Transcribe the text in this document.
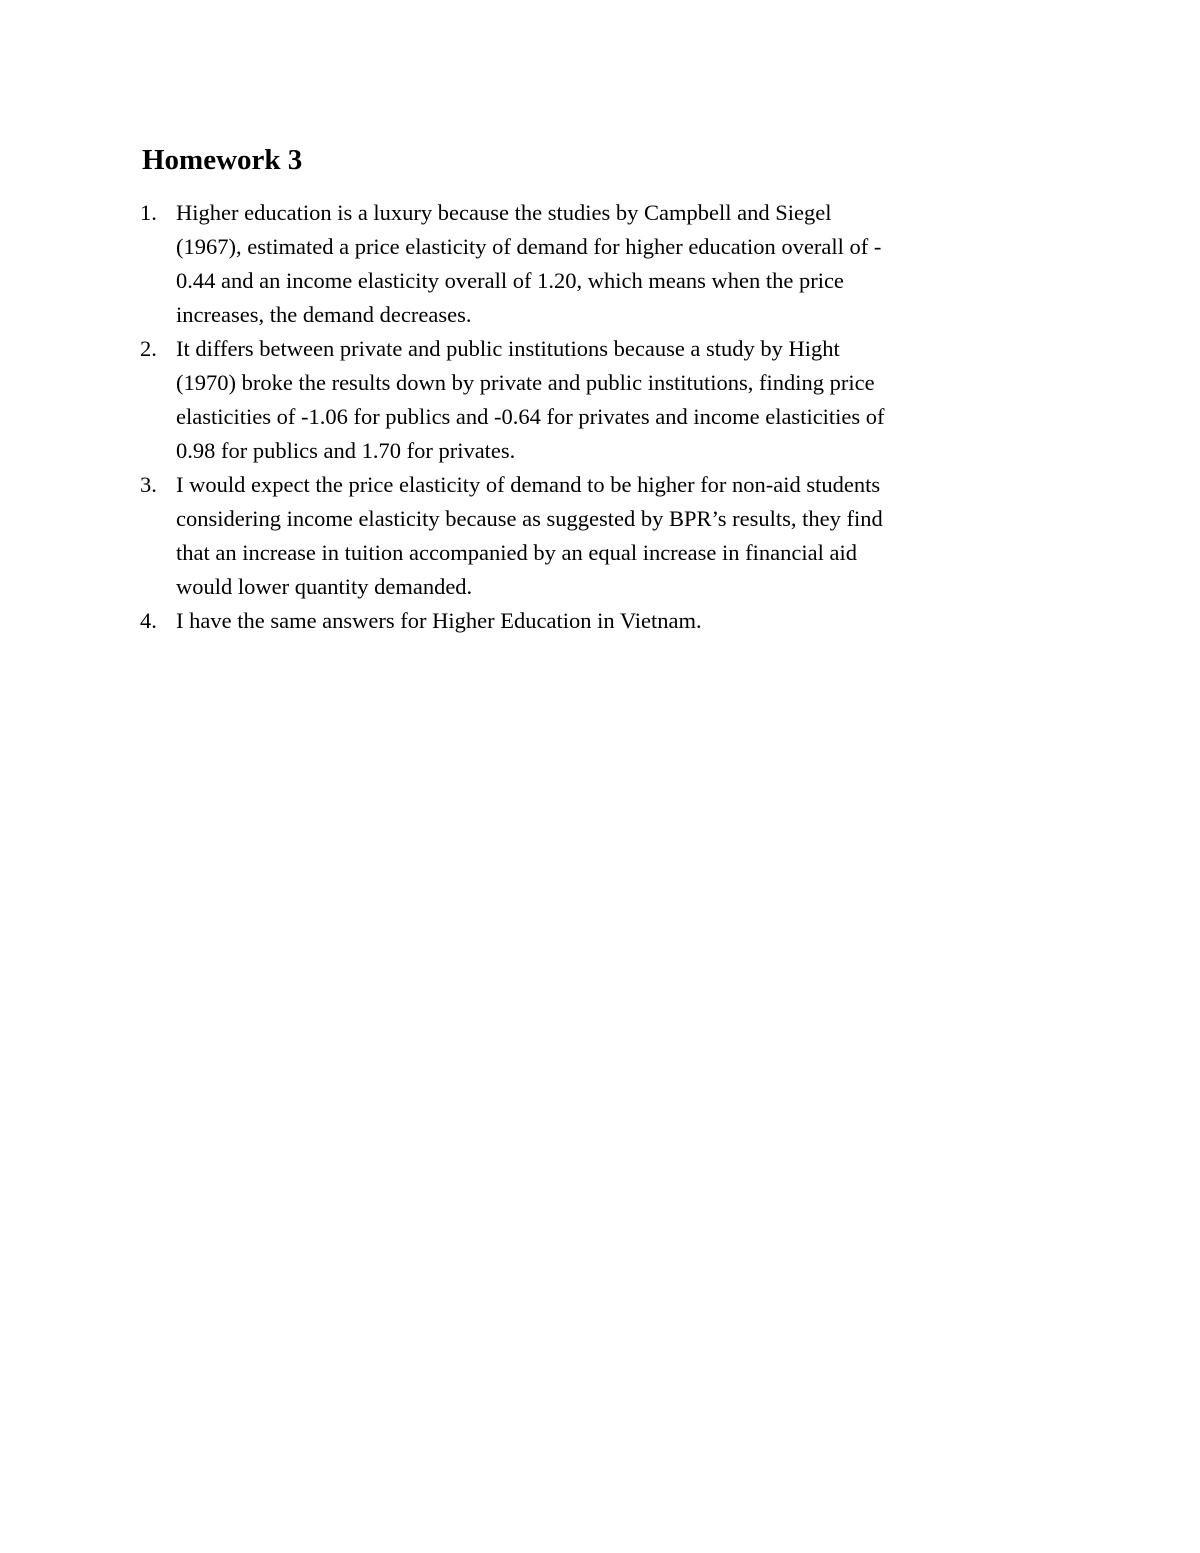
Homework 3
1. Higher education is a luxury because the studies by Campbell and Siegel
(1967), estimated a price elasticity of demand for higher education overall of -
0.44 and an income elasticity overall of 1.20, which means when the price
increases, the demand decreases.
2. It differs between private and public institutions because a study by Hight
(1970) broke the results down by private and public institutions, finding price
elasticities of -1.06 for publics and -0.64 for privates and income elasticities of
0.98 for publics and 1.70 for privates.
3. I would expect the price elasticity of demand to be higher for non-aid students
considering income elasticity because as suggested by BPR’s results, they find
that an increase in tuition accompanied by an equal increase in financial aid
would lower quantity demanded.
4. I have the same answers for Higher Education in Vietnam.
